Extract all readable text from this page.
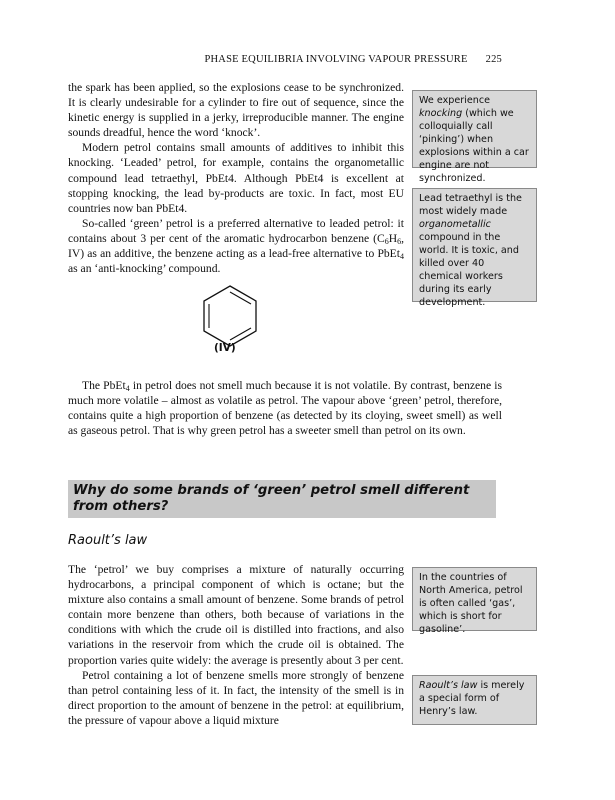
PHASE EQUILIBRIA INVOLVING VAPOUR PRESSURE 225

the spark has been applied, so the explosions cease to be synchronized. It is clearly undesirable for a cylinder to fire out of sequence, since the kinetic energy is supplied in a jerky, irreproducible manner. The engine sounds dreadful, hence the word ‘knock’.

Modern petrol contains small amounts of additives to inhibit this knocking. ‘Leaded’ petrol, for example, contains the organometallic compound lead tetraethyl, PbEt4. Although PbEt4 is excellent at stopping knocking, the lead by-products are toxic. In fact, most EU countries now ban PbEt4.

So-called ‘green’ petrol is a preferred alternative to leaded petrol: it contains about 3 per cent of the aromatic hydrocarbon benzene ($C_6H_6$, IV) as an additive, the benzene acting as a lead-free alternative to PbEt$_4$ as an ‘anti-knocking’ compound.

We experience knocking (which we colloquially call ‘pinking’) when explosions within a car engine are not synchronized.
Lead tetraethyl is the most widely made organometallic compound in the world. It is toxic, and killed over 40 chemical workers during its early development.
(IV)

The PbEt$_4$ in petrol does not smell much because it is not volatile. By contrast, benzene is much more volatile – almost as volatile as petrol. The vapour above ‘green’ petrol, therefore, contains quite a high proportion of benzene (as detected by its cloying, sweet smell) as well as gaseous petrol. That is why green petrol has a sweeter smell than petrol on its own.

Why do some brands of ‘green’ petrol smell different from others?
Raoult’s law

The ‘petrol’ we buy comprises a mixture of naturally occurring hydrocarbons, a principal component of which is octane; but the mixture also contains a small amount of benzene. Some brands of petrol contain more benzene than others, both because of variations in the conditions with which the crude oil is distilled into fractions, and also variations in the reservoir from which the crude oil is obtained. The proportion varies quite widely: the average is presently about 3 per cent.

Petrol containing a lot of benzene smells more strongly of benzene than petrol containing less of it. In fact, the intensity of the smell is in direct proportion to the amount of benzene in the petrol: at equilibrium, the pressure of vapour above a liquid mixture

In the countries of North America, petrol is often called ‘gas’, which is short for gasoline’.
Raoult’s law is merely a special form of Henry’s law.
